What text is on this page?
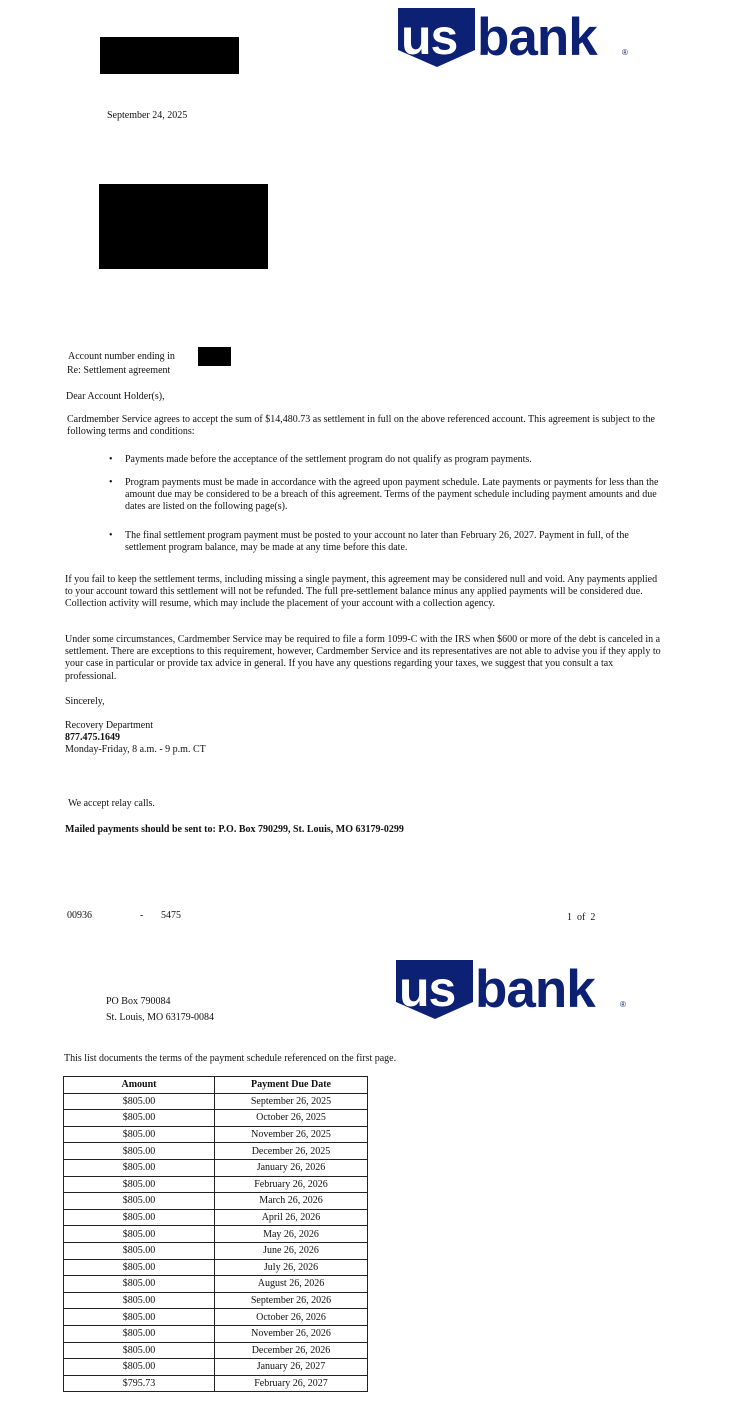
us bank	®
September 24, 2025
Account number ending in
Re: Settlement agreement
Dear Account Holder(s),
Cardmember Service agrees to accept the sum of $14,480.73 as settlement in full on the above referenced account. This agreement is subject to the following terms and conditions:
• Payments made before the acceptance of the settlement program do not qualify as program payments.
• Program payments must be made in accordance with the agreed upon payment schedule. Late payments or payments for less than the amount due may be considered to be a breach of this agreement. Terms of the payment schedule including payment amounts and due dates are listed on the following page(s).
• The final settlement program payment must be posted to your account no later than February 26, 2027. Payment in full, of the settlement program balance, may be made at any time before this date.
If you fail to keep the settlement terms, including missing a single payment, this agreement may be considered null and void. Any payments applied to your account toward this settlement will not be refunded. The full pre-settlement balance minus any applied payments will be considered due. Collection activity will resume, which may include the placement of your account with a collection agency.
Under some circumstances, Cardmember Service may be required to file a form 1099-C with the IRS when $600 or more of the debt is canceled in a settlement. There are exceptions to this requirement, however, Cardmember Service and its representatives are not able to advise you if they apply to your case in particular or provide tax advice in general. If you have any questions regarding your taxes, we suggest that you consult a tax professional.
Sincerely,
Recovery Department
877.475.1649
Monday-Friday, 8 a.m. - 9 p.m. CT
We accept relay calls.
Mailed payments should be sent to: P.O. Box 790299, St. Louis, MO 63179-0299
00936	- 5475	1  of  2
us bank	®
PO Box 790084
St. Louis, MO 63179-0084
This list documents the terms of the payment schedule referenced on the first page.
Amount	Payment Due Date
$805.00	September 26, 2025
$805.00	October 26, 2025
$805.00	November 26, 2025
$805.00	December 26, 2025
$805.00	January 26, 2026
$805.00	February 26, 2026
$805.00	March 26, 2026
$805.00	April 26, 2026
$805.00	May 26, 2026
$805.00	June 26, 2026
$805.00	July 26, 2026
$805.00	August 26, 2026
$805.00	September 26, 2026
$805.00	October 26, 2026
$805.00	November 26, 2026
$805.00	December 26, 2026
$805.00	January 26, 2027
$795.73	February 26, 2027
